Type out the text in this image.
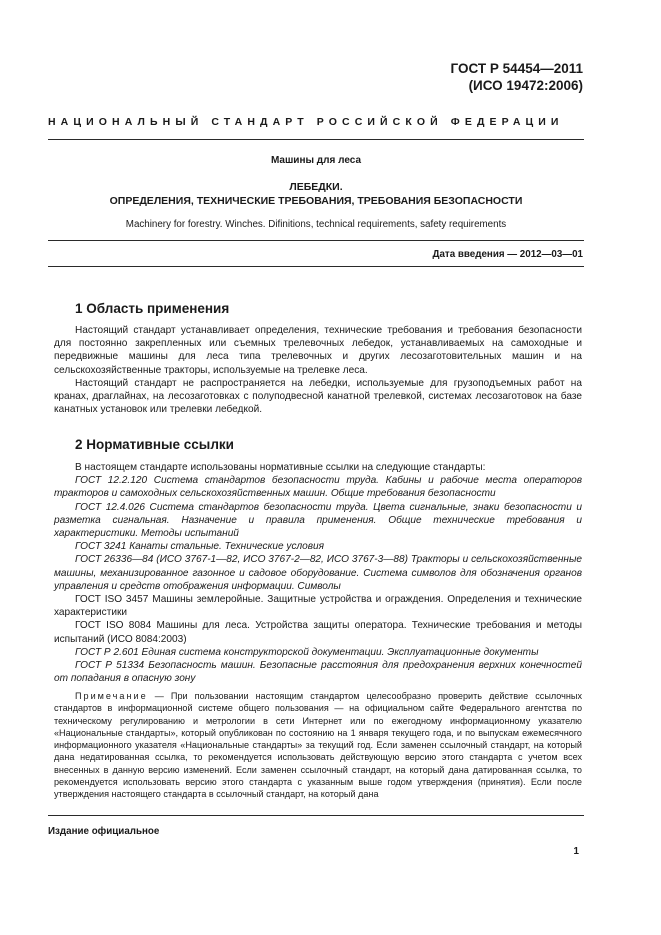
ГОСТ Р 54454—2011
(ИСО 19472:2006)
НАЦИОНАЛЬНЫЙ СТАНДАРТ РОССИЙСКОЙ ФЕДЕРАЦИИ
Машины для леса
ЛЕБЕДКИ.
ОПРЕДЕЛЕНИЯ, ТЕХНИЧЕСКИЕ ТРЕБОВАНИЯ, ТРЕБОВАНИЯ БЕЗОПАСНОСТИ
Machinery for forestry. Winches. Difinitions, technical requirements, safety requirements
Дата введения — 2012—03—01
1 Область применения

Настоящий стандарт устанавливает определения, технические требования и требования безопасности для постоянно закрепленных или съемных трелевочных лебедок, устанавливаемых на самоходные и передвижные машины для леса типа трелевочных и других лесозаготовительных машин и на сельскохозяйственные тракторы, используемые на трелевке леса.

Настоящий стандарт не распространяется на лебедки, используемые для грузоподъемных работ на кранах, драглайнах, на лесозаготовках с полуподвесной канатной трелевкой, системах лесозаготовок на базе канатных установок или трелевки лебедкой.

2 Нормативные ссылки

В настоящем стандарте использованы нормативные ссылки на следующие стандарты:

ГОСТ 12.2.120 Система стандартов безопасности труда. Кабины и рабочие места операторов тракторов и самоходных сельскохозяйственных машин. Общие требования безопасности

ГОСТ 12.4.026 Система стандартов безопасности труда. Цвета сигнальные, знаки безопасности и разметка сигнальная. Назначение и правила применения. Общие технические требования и характеристики. Методы испытаний

ГОСТ 3241 Канаты стальные. Технические условия

ГОСТ 26336—84 (ИСО 3767-1—82, ИСО 3767-2—82, ИСО 3767-3—88) Тракторы и сельскохозяйственные машины, механизированное газонное и садовое оборудование. Система символов для обозначения органов управления и средств отображения информации. Символы

ГОСТ ISO 3457 Машины землеройные. Защитные устройства и ограждения. Определения и технические характеристики

ГОСТ ISO 8084 Машины для леса. Устройства защиты оператора. Технические требования и методы испытаний (ИСО 8084:2003)

ГОСТ Р 2.601 Единая система конструкторской документации. Эксплуатационные документы

ГОСТ Р 51334 Безопасность машин. Безопасные расстояния для предохранения верхних конечностей от попадания в опасную зону

Примечание — При пользовании настоящим стандартом целесообразно проверить действие ссылочных стандартов в информационной системе общего пользования — на официальном сайте Федерального агентства по техническому регулированию и метрологии в сети Интернет или по ежегодному информационному указателю «Национальные стандарты», который опубликован по состоянию на 1 января текущего года, и по выпускам ежемесячного информационного указателя «Национальные стандарты» за текущий год. Если заменен ссылочный стандарт, на который дана недатированная ссылка, то рекомендуется использовать действующую версию этого стандарта с учетом всех внесенных в данную версию изменений. Если заменен ссылочный стандарт, на который дана датированная ссылка, то рекомендуется использовать версию этого стандарта с указанным выше годом утверждения (принятия). Если после утверждения настоящего стандарта в ссылочный стандарт, на который дана

Издание официальное
1
